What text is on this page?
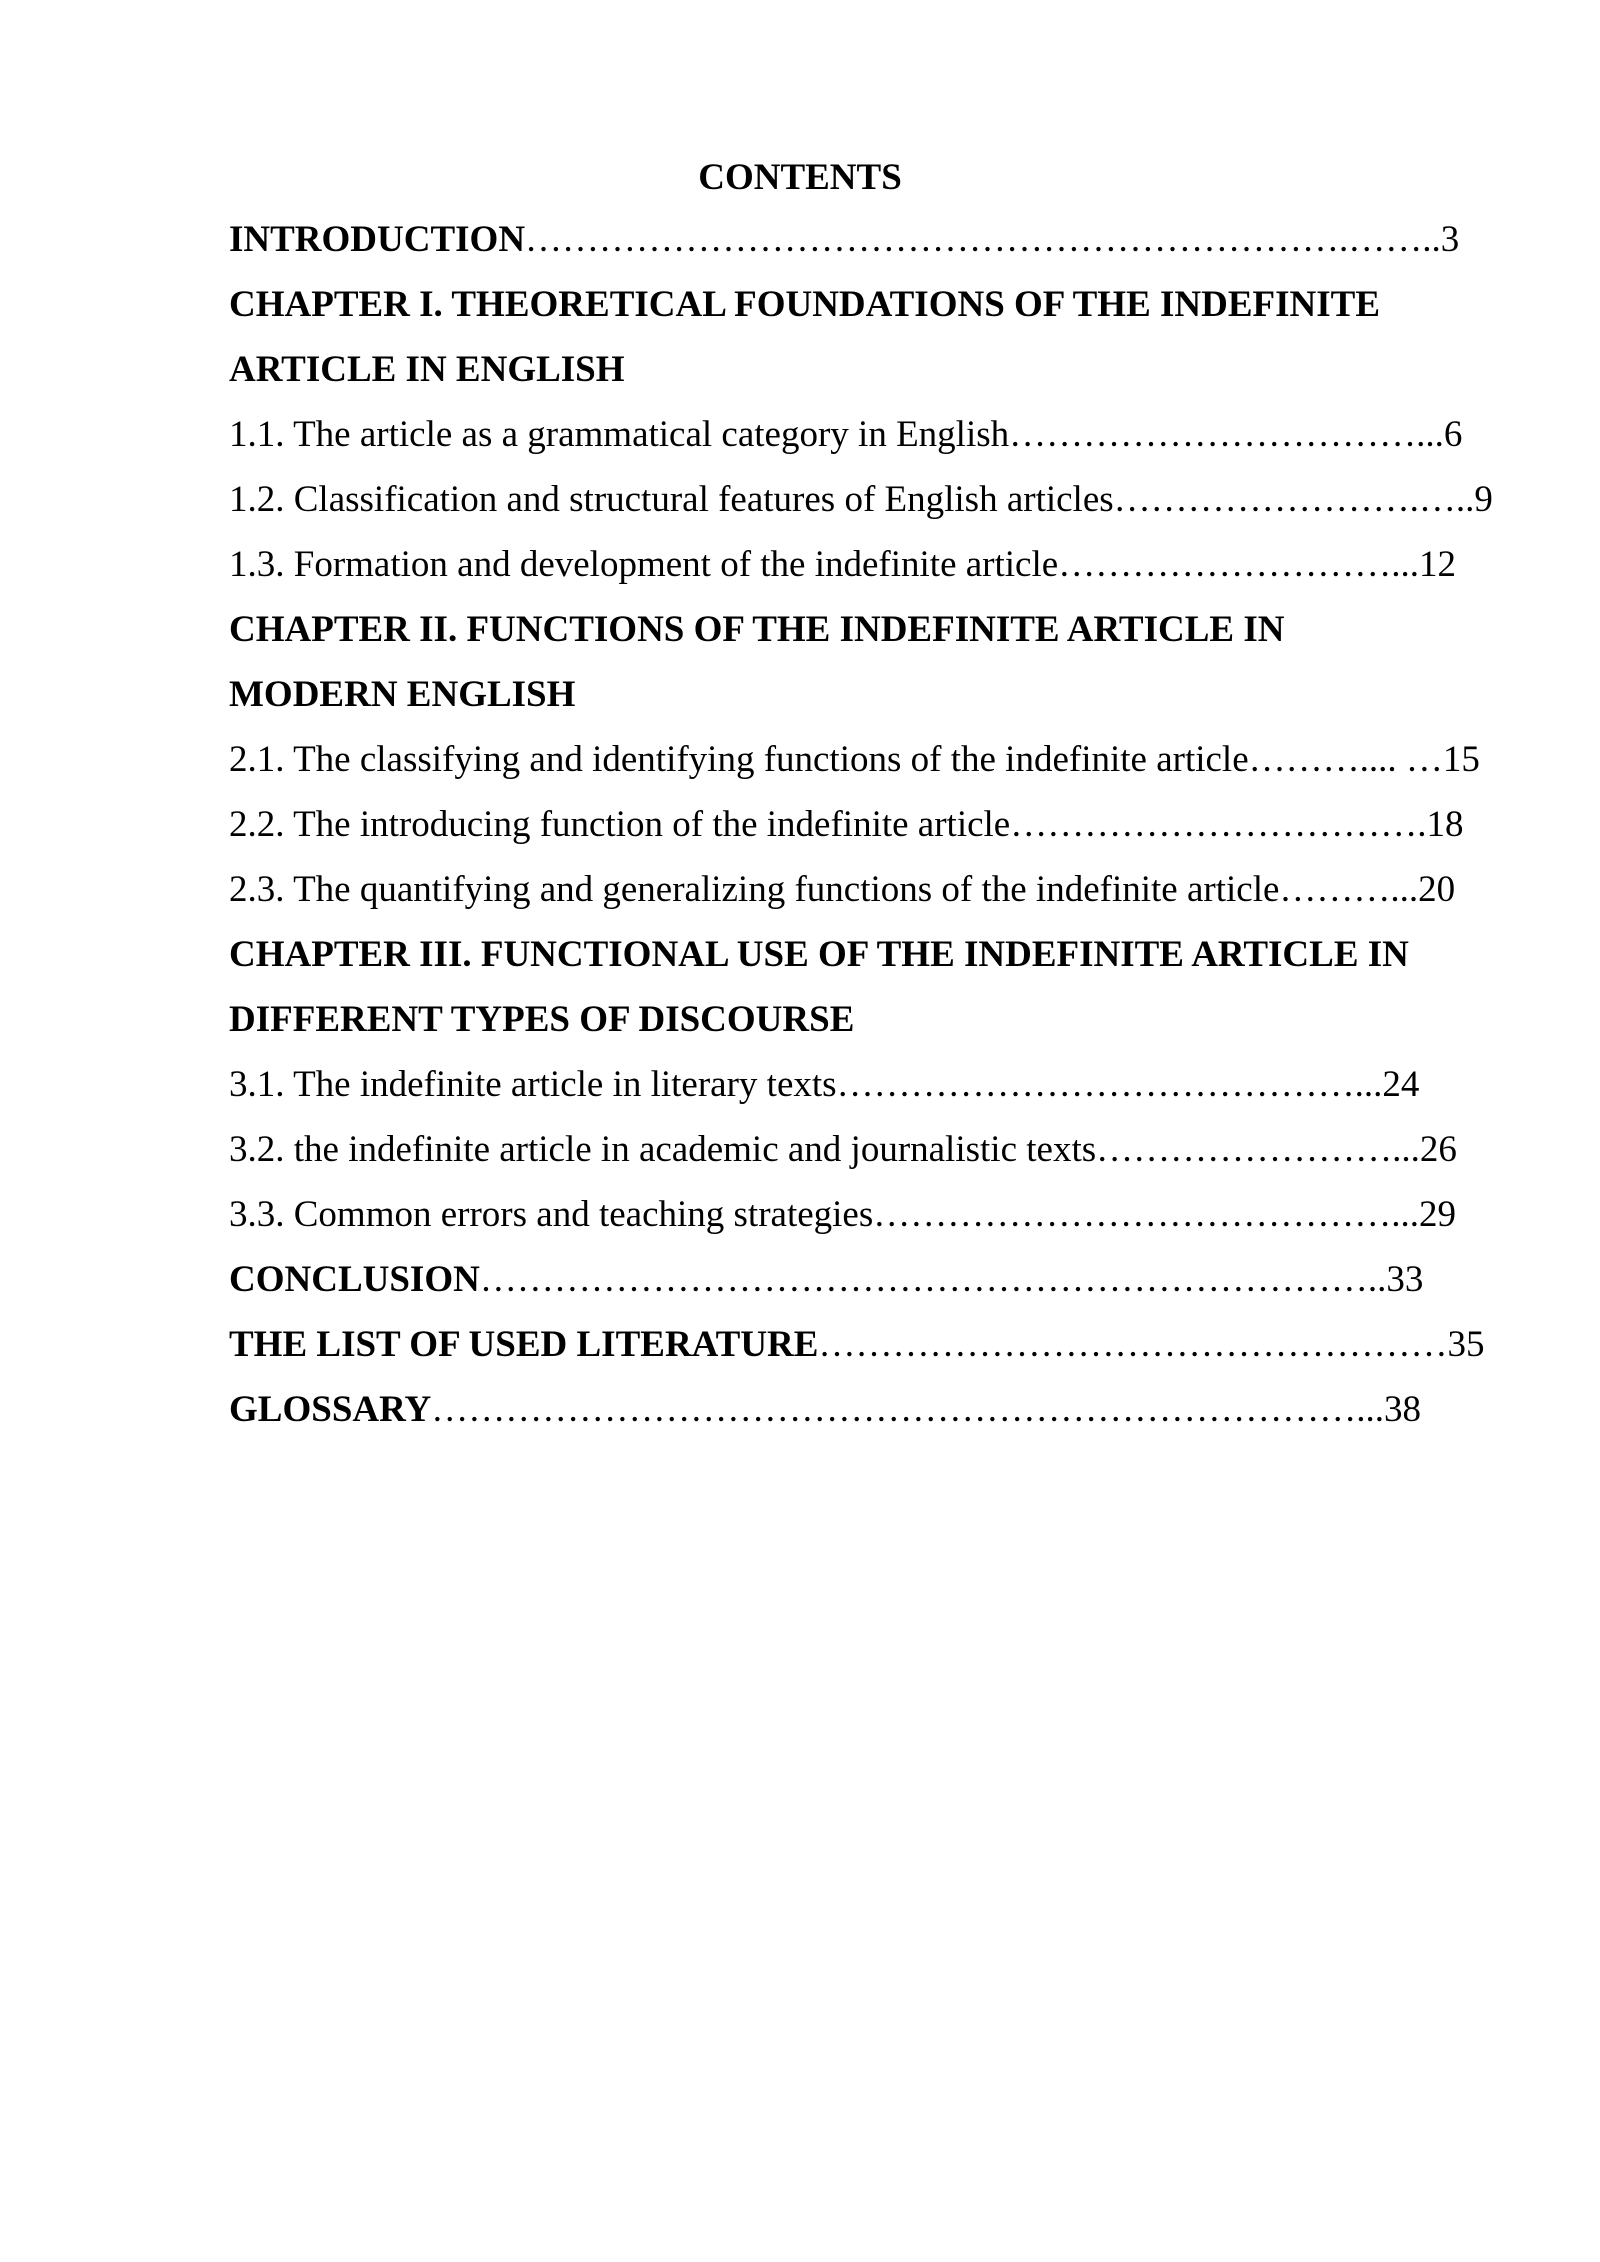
CONTENTS
INTRODUCTION………………………………………………………….……..3
CHAPTER I. THEORETICAL FOUNDATIONS OF THE INDEFINITE
ARTICLE IN ENGLISH
1.1. The article as a grammatical category in English……………………………...6
1.2. Classification and structural features of English articles…………………….…..9
1.3. Formation and development of the indefinite article………………………...12
CHAPTER II. FUNCTIONS OF THE INDEFINITE ARTICLE IN
MODERN ENGLISH
2.1. The classifying and identifying functions of the indefinite article……….... …15
2.2. The introducing function of the indefinite article…………………………….18
2.3. The quantifying and generalizing functions of the indefinite article………...20
CHAPTER III. FUNCTIONAL USE OF THE INDEFINITE ARTICLE IN
DIFFERENT TYPES OF DISCOURSE
3.1. The indefinite article in literary texts……………………………………...24
3.2. the indefinite article in academic and journalistic texts……………………...26
3.3. Common errors and teaching strategies……………………………………...29
CONCLUSION………………………………………………………………..33
THE LIST OF USED LITERATURE……………………………………………35
GLOSSARY…………………………………………………………………...38
